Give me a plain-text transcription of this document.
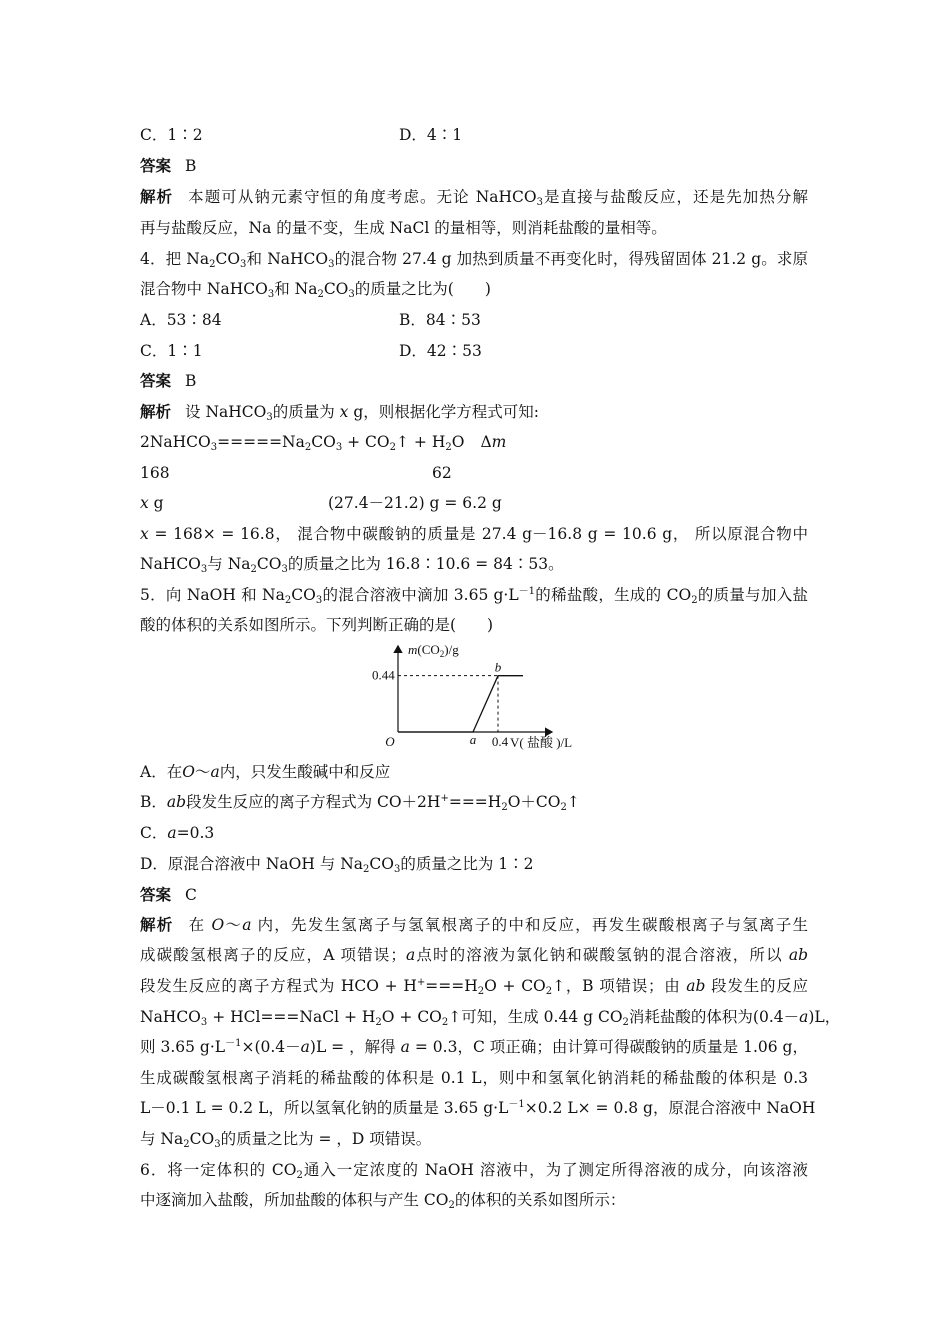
C．1∶2	D．4∶1
答案 B
解析 本题可从钠元素守恒的角度考虑。无论 NaHCO$_3$是直接与盐酸反应，还是先加热分解
再与盐酸反应，Na 的量不变，生成 NaCl 的量相等，则消耗盐酸的量相等。
4．把 $Na_2CO_3$和 NaHCO$_3$的混合物 27.4 g 加热到质量不再变化时，得残留固体 21.2 g。求原
混合物中 NaHCO$_3$和 $Na_2CO_3$的质量之比为(　　)
A．53∶84	B．84∶53
C．1∶1	D．42∶53
答案 B
解析 设 NaHCO$_3$的质量为 x g，则根据化学方程式可知:
$2NaHCO_3=====Na_2CO_3$ + $CO_2↑ + H_2O$ Δm
168	62
x g	(27.4－21.2) g = 6.2 g
x = 168× = 16.8， 混合物中碳酸钠的质量是 27.4 g－16.8 g = 10.6 g， 所以原混合物中
NaHCO$_3$与 $Na_2CO_3$的质量之比为 16.8∶10.6 = 84∶53。
5．向 NaOH 和 $Na_2CO_3$的混合溶液中滴加 3.65 $g\cdot L^{-1}$的稀盐酸，生成的 $CO_2$的质量与加入盐
酸的体积的关系如图所示。下列判断正确的是(　　)
$m(CO_2)/g$
0.44
0.4
O	a
b
V( 盐酸 )/L
A．在O～a内，只发生酸碱中和反应
B．ab段发生反应的离子方程式为 $CO+2H^+===H_2O+CO_2↑$
C．a=0.3
D．原混合溶液中 NaOH 与 $Na_2CO_3$的质量之比为 1∶2
答案 C
解析 在 O～a 内，先发生氢离子与氢氧根离子的中和反应，再发生碳酸根离子与氢离子生
成碳酸氢根离子的反应，A 项错误；a点时的溶液为氯化钠和碳酸氢钠的混合溶液，所以 ab
段发生反应的离子方程式为 HCO + $H^+===H_2O$ + $CO_2↑$，B 项错误；由 ab 段发生的反应
NaHCO$_3$ + HCl===NaCl + $H_2O$ + $CO_2↑$可知，生成 0.44 g $CO_2$消耗盐酸的体积为(0.4－a)L，
则 3.65 $g\cdot L^{-1}\times(0.4-a)L$ = ，解得 a = 0.3，C 项正确；由计算可得碳酸钠的质量是 1.06 g，
生成碳酸氢根离子消耗的稀盐酸的体积是 0.1 L，则中和氢氧化钠消耗的稀盐酸的体积是 0.3
L－0.1 L = 0.2 L，所以氢氧化钠的质量是 3.65 $g\cdot L^{-1}\times 0.2$ L× = 0.8 g，原混合溶液中 NaOH
与 $Na_2CO_3$的质量之比为 = ，D 项错误。
6．将一定体积的 $CO_2$通入一定浓度的 NaOH 溶液中，为了测定所得溶液的成分，向该溶液
中逐滴加入盐酸，所加盐酸的体积与产生 $CO_2$的体积的关系如图所示：
